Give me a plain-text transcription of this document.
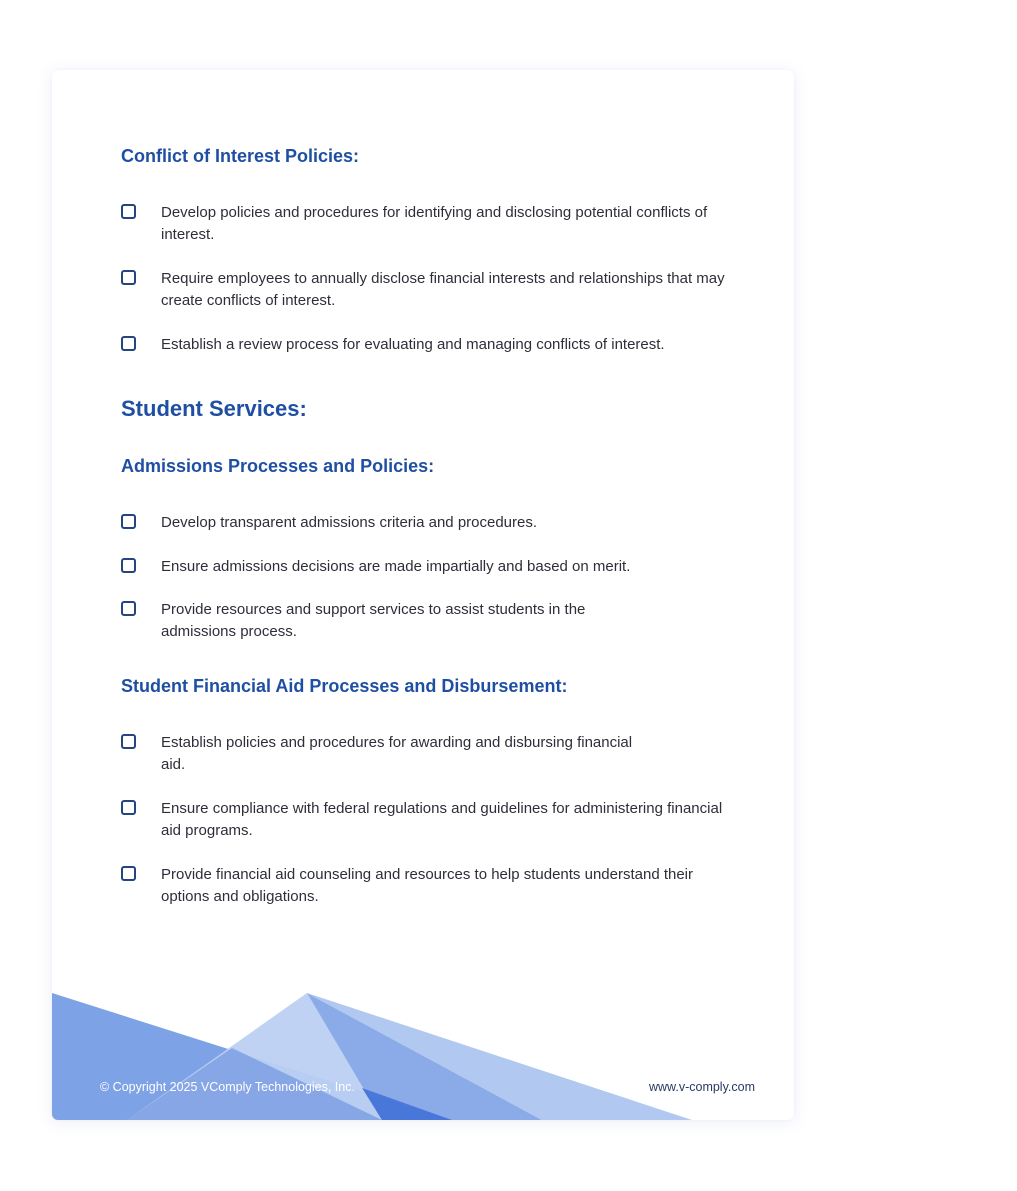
Conflict of Interest Policies:
Develop policies and procedures for identifying and disclosing potential conflicts of interest.
Require employees to annually disclose financial interests and relationships that may create conflicts of interest.
Establish a review process for evaluating and managing conflicts of interest.
Student Services:
Admissions Processes and Policies:
Develop transparent admissions criteria and procedures.
Ensure admissions decisions are made impartially and based on merit.
Provide resources and support services to assist students in the admissions process.
Student Financial Aid Processes and Disbursement:
Establish policies and procedures for awarding and disbursing financial aid.
Ensure compliance with federal regulations and guidelines for administering financial aid programs.
Provide financial aid counseling and resources to help students understand their options and obligations.
© Copyright 2025 VComply Technologies, Inc.	www.v-comply.com
